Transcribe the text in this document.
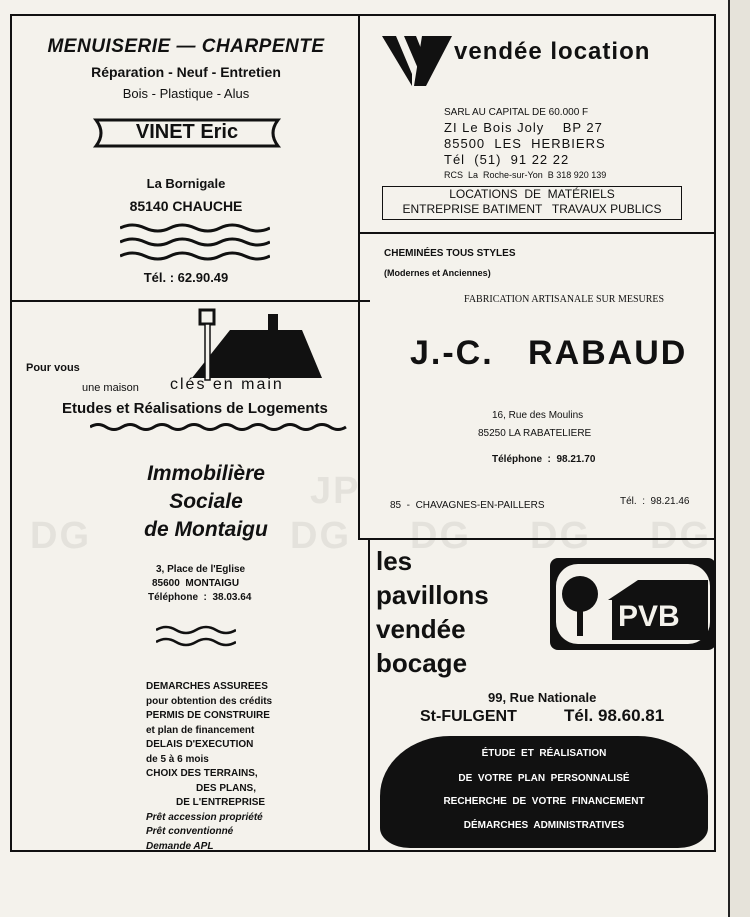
DG
JP
DG DG DG
DG
MENUISERIE — CHARPENTE
Réparation - Neuf - Entretien
Bois - Plastique - Alus
VINET Eric
La Bornigale
85140 CHAUCHE
Tél. : 62.90.49
vendée location
SARL AU CAPITAL DE 60.000 F
ZI Le Bois Joly    BP 27
85500  LES  HERBIERS
Tél  (51)  91 22 22
RCS  La  Roche-sur-Yon  B 318 920 139
LOCATIONS  DE  MATÉRIELS
ENTREPRISE BATIMENT   TRAVAUX PUBLICS
CHEMINÉES TOUS STYLES
(Modernes et Anciennes)
FABRICATION ARTISANALE SUR MESURES
J.-C.   RABAUD
16, Rue des Moulins
85250 LA RABATELIERE
Téléphone  :  98.21.70
85  -  CHAVAGNES-EN-PAILLERS	Tél.  :  98.21.46
Pour vous
une maison clés en main
Etudes et Réalisations de Logements
Immobilière
Sociale
de Montaigu
3, Place de l'Eglise
85600  MONTAIGU
Téléphone  :  38.03.64
DEMARCHES ASSUREES
pour obtention des crédits
PERMIS DE CONSTRUIRE
et plan de financement
DELAIS D'EXECUTION
de 5 à 6 mois
CHOIX DES TERRAINS,
DES PLANS,
DE L'ENTREPRISE
Prêt accession propriété
Prêt conventionné
Demande APL
les
pavillons
vendée
bocage
PVB
99, Rue Nationale
St-FULGENT	Tél. 98.60.81
ÉTUDE  ET  RÉALISATION
DE  VOTRE  PLAN  PERSONNALISÉ
RECHERCHE  DE  VOTRE  FINANCEMENT
DÉMARCHES  ADMINISTRATIVES
